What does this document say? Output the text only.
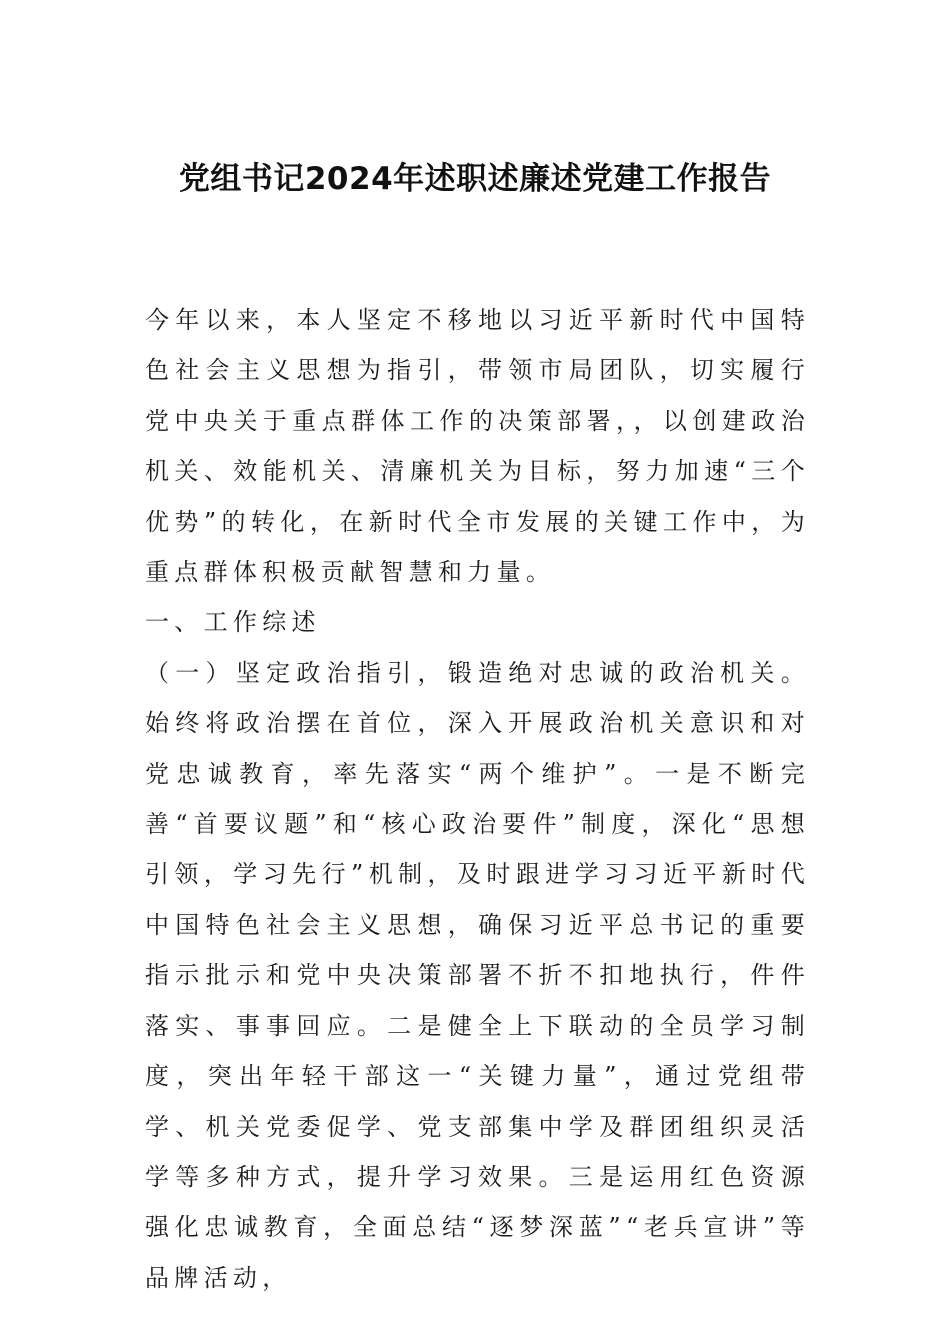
党组书记2024年述职述廉述党建工作报告

今年以来，本人坚定不移地以习近平新时代中国特色社会主义思想为指引，带领市局团队，切实履行党中央关于重点群体工作的决策部署，，以创建政治机关、效能机关、清廉机关为目标，努力加速“三个优势”的转化，在新时代全市发展的关键工作中，为重点群体积极贡献智慧和力量。

一、工作综述

（一）坚定政治指引，锻造绝对忠诚的政治机关。始终将政治摆在首位，深入开展政治机关意识和对党忠诚教育，率先落实“两个维护”。一是不断完善“首要议题”和“核心政治要件”制度，深化“思想引领，学习先行”机制，及时跟进学习习近平新时代中国特色社会主义思想，确保习近平总书记的重要指示批示和党中央决策部署不折不扣地执行，件件落实、事事回应。二是健全上下联动的全员学习制度，突出年轻干部这一“关键力量”，通过党组带学、机关党委促学、党支部集中学及群团组织灵活学等多种方式，提升学习效果。三是运用红色资源强化忠诚教育，全面总结“逐梦深蓝”“老兵宣讲”等品牌活动，
